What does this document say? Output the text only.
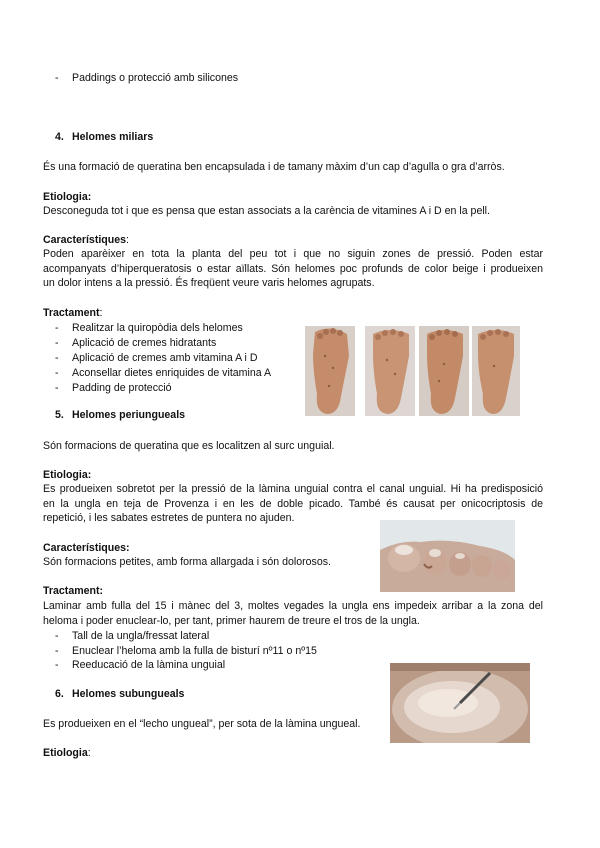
-	Paddings o protecció amb silicones
4. Helomes miliars
És una formació de queratina ben encapsulada i de tamany màxim d’un cap d’agulla o gra d’arròs.
Etiologia:
Desconeguda tot i que es pensa que estan associats a la carència de vitamines A i D en la pell.
Característiques:
Poden aparèixer en tota la planta del peu tot i que no siguin zones de pressió. Poden estar
acompanyats d’hiperqueratosis o estar aïllats. Són helomes poc profunds de color beige i produeixen
un dolor intens a la pressió. És freqüent veure varis helomes agrupats.
Tractament:
-	Realitzar la quiropòdia dels helomes
-	Aplicació de cremes hidratants
-	Aplicació de cremes amb vitamina A i D
-	Aconsellar dietes enriquides de vitamina A
-	Padding de protecció
5. Helomes periungueals
Són formacions de queratina que es localitzen al surc unguial.
Etiologia:
Es produeixen sobretot per la pressió de la làmina unguial contra el canal unguial. Hi ha predisposició
en la ungla en teja de Provenza i en les de doble picado. També és causat per onicocriptosis de
repetició, i les sabates estretes de puntera no ajuden.
Característiques:
Són formacions petites, amb forma allargada i són dolorosos.
Tractament:
Laminar amb fulla del 15 i mànec del 3, moltes vegades la ungla ens impedeix arribar a la zona del
heloma i poder enuclear-lo, per tant, primer haurem de treure el tros de la ungla.
-	Tall de la ungla/fressat lateral
-	Enuclear l’heloma amb la fulla de bisturí nº11 o nº15
-	Reeducació de la làmina unguial
6. Helomes subungueals
Es produeixen en el “lecho ungueal”, per sota de la làmina ungueal.
Etiologia:
